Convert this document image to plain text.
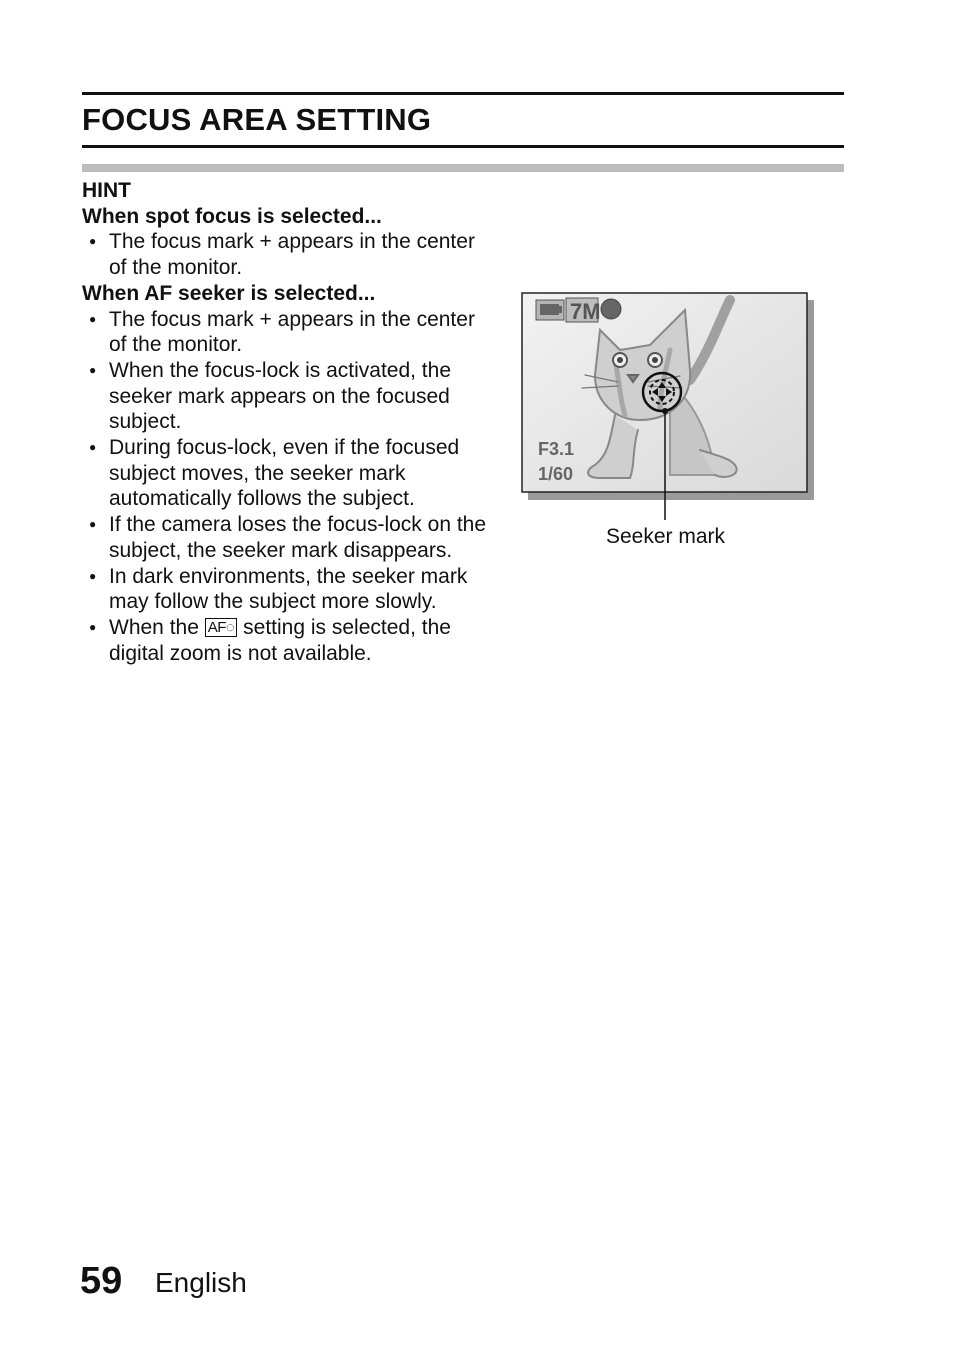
FOCUS AREA SETTING

HINT

When spot focus is selected...

● The focus mark + appears in the center of the monitor.

When AF seeker is selected...

● The focus mark + appears in the center of the monitor.
● When the focus-lock is activated, the seeker mark appears on the focused subject.
● During focus-lock, even if the focused subject moves, the seeker mark automatically follows the subject.
● If the camera loses the focus-lock on the subject, the seeker mark disappears.
● In dark environments, the seeker mark may follow the subject more slowly.
● When the AF◌ setting is selected, the digital zoom is not available.
7M
F3.1
1/60

Seeker mark

59 English
